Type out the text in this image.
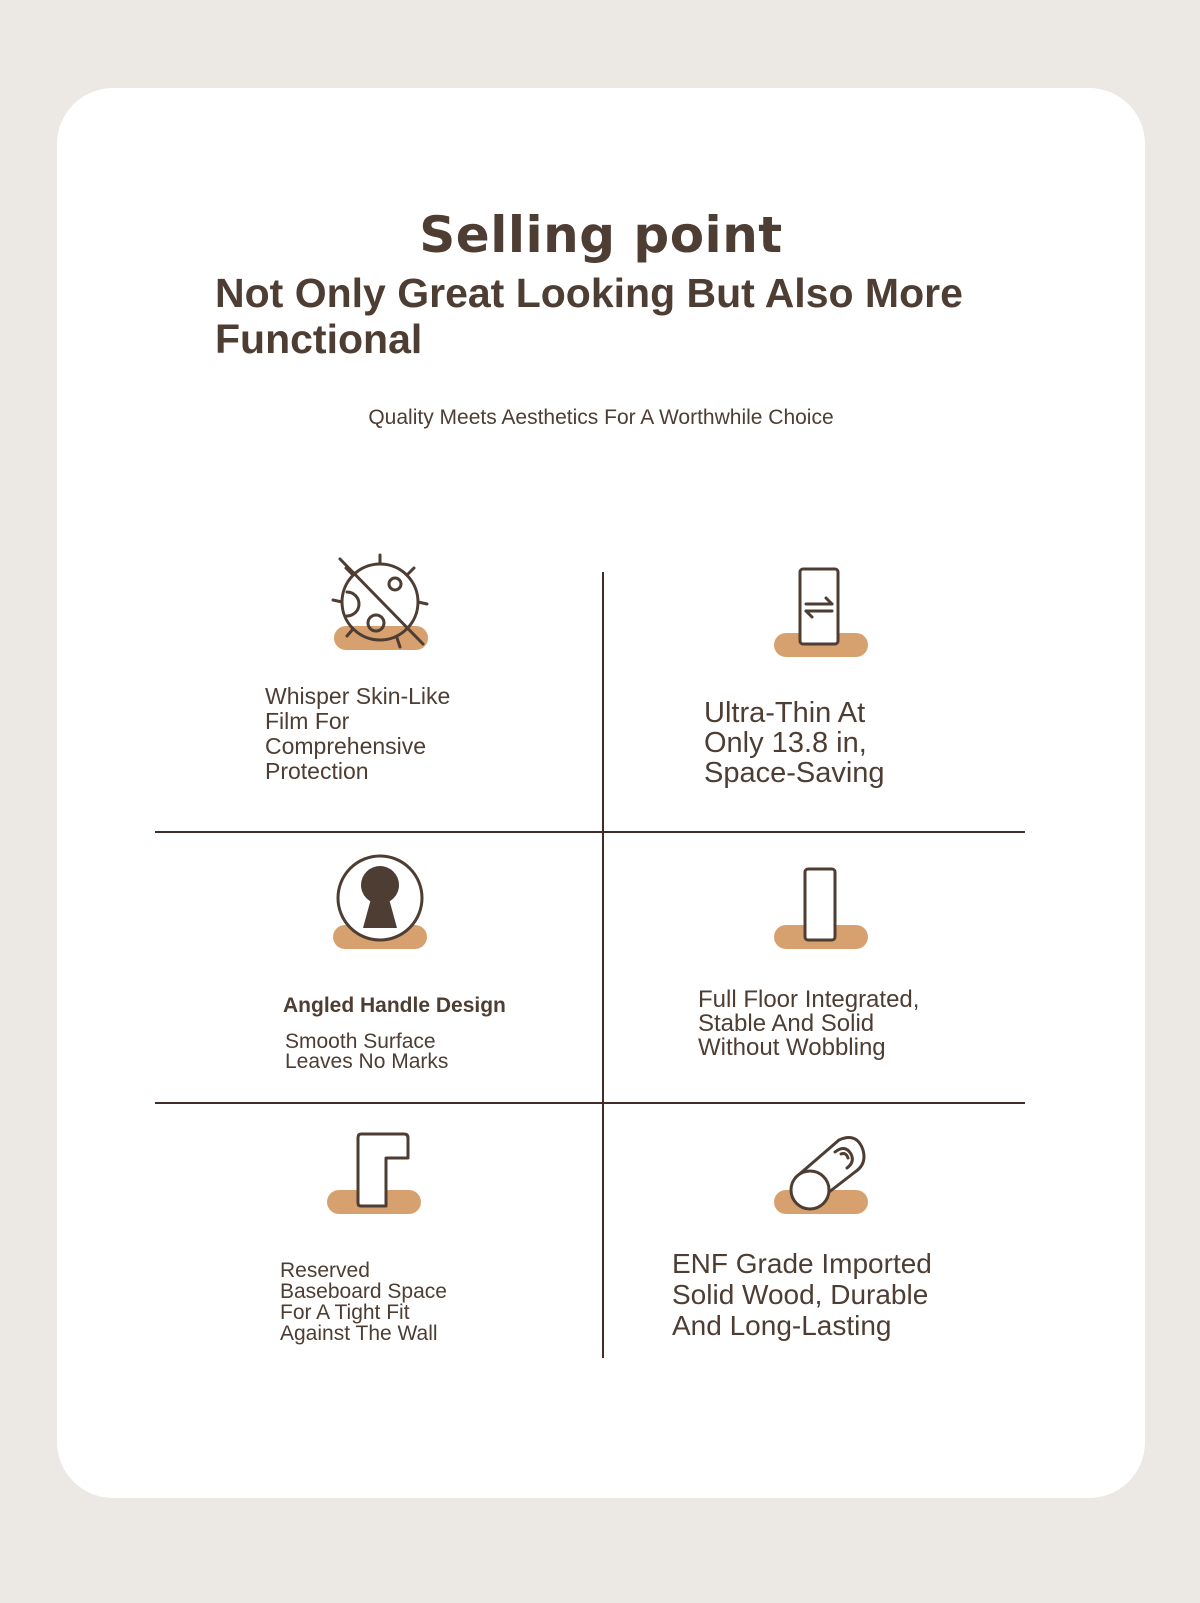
Selling point
Not Only Great Looking But Also More Functional

Quality Meets Aesthetics For A Worthwhile Choice

Whisper Skin-Like
Film For
Comprehensive
Protection

Ultra-Thin At
Only 13.8 in,
Space-Saving

Angled Handle Design

Smooth Surface
Leaves No Marks

Full Floor Integrated,
Stable And Solid
Without Wobbling

Reserved
Baseboard Space
For A Tight Fit
Against The Wall

ENF Grade Imported
Solid Wood, Durable
And Long-Lasting
